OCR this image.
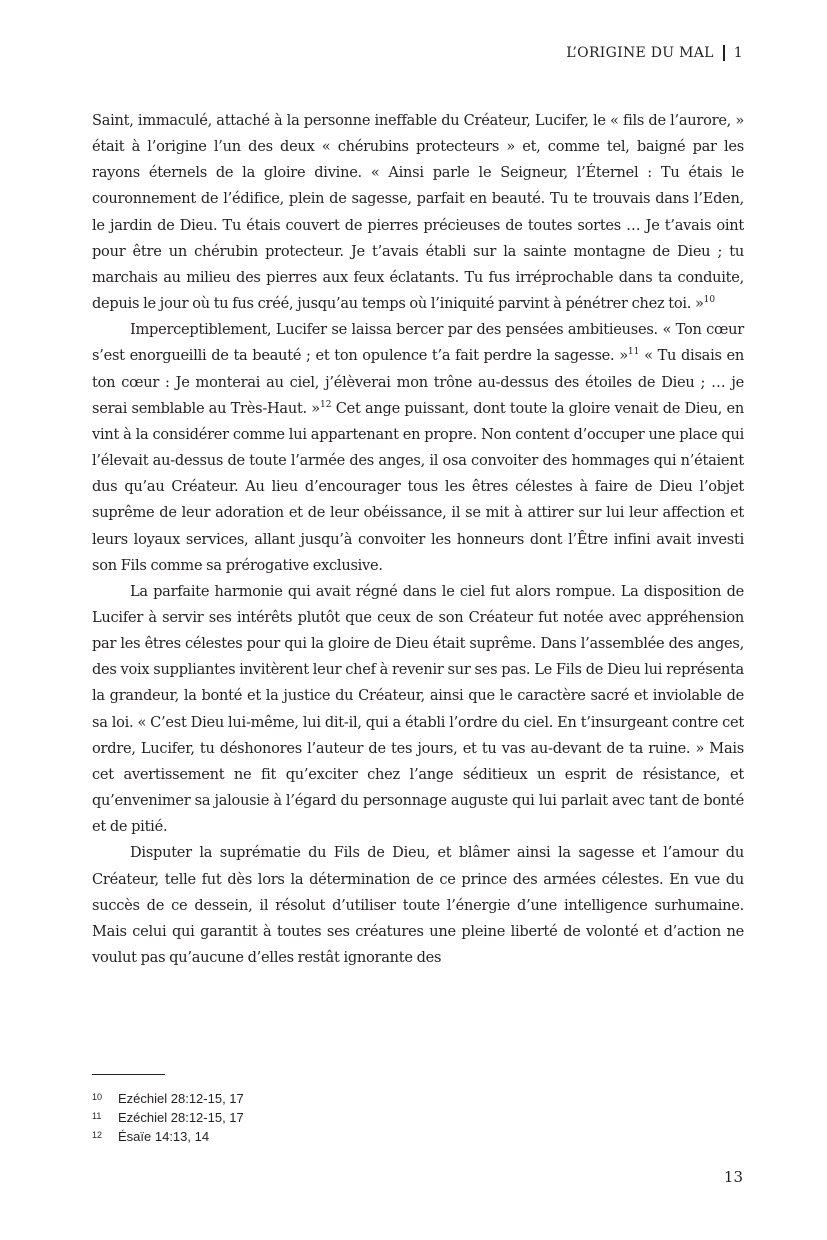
L’ORIGINE DU MAL 1

Saint, immaculé, attaché à la personne ineffable du Créateur, Lucifer, le « fils de l’aurore, » était à l’origine l’un des deux « chérubins protecteurs » et, comme tel, baigné par les rayons éternels de la gloire divine. « Ainsi parle le Seigneur, l’Éternel : Tu étais le couronnement de l’édifice, plein de sagesse, parfait en beauté. Tu te trouvais dans l’Eden, le jardin de Dieu. Tu étais couvert de pierres précieuses de toutes sortes … Je t’avais oint pour être un chérubin protecteur. Je t’avais établi sur la sainte montagne de Dieu ; tu marchais au milieu des pierres aux feux éclatants. Tu fus irréprochable dans ta conduite, depuis le jour où tu fus créé, jusqu’au temps où l’iniquité parvint à pénétrer chez toi. »$^{10}$

Imperceptiblement, Lucifer se laissa bercer par des pensées ambitieuses. « Ton cœur s’est enorgueilli de ta beauté ; et ton opulence t’a fait perdre la sagesse. »$^{11}$ « Tu disais en ton cœur : Je monterai au ciel, j’élèverai mon trône au-dessus des étoiles de Dieu ; … je serai semblable au Très-Haut. »$^{12}$ Cet ange puissant, dont toute la gloire venait de Dieu, en vint à la considérer comme lui appartenant en propre. Non content d’occuper une place qui l’élevait au-dessus de toute l’armée des anges, il osa convoiter des hommages qui n’étaient dus qu’au Créateur. Au lieu d’encourager tous les êtres célestes à faire de Dieu l’objet suprême de leur adoration et de leur obéissance, il se mit à attirer sur lui leur affection et leurs loyaux services, allant jusqu’à convoiter les honneurs dont l’Être infini avait investi son Fils comme sa prérogative exclusive.

La parfaite harmonie qui avait régné dans le ciel fut alors rompue. La disposition de Lucifer à servir ses intérêts plutôt que ceux de son Créateur fut notée avec appréhension par les êtres célestes pour qui la gloire de Dieu était suprême. Dans l’assemblée des anges, des voix suppliantes invitèrent leur chef à revenir sur ses pas. Le Fils de Dieu lui représenta la grandeur, la bonté et la justice du Créateur, ainsi que le caractère sacré et inviolable de sa loi. « C’est Dieu lui-même, lui dit-il, qui a établi l’ordre du ciel. En t’insurgeant contre cet ordre, Lucifer, tu déshonores l’auteur de tes jours, et tu vas au-devant de ta ruine. » Mais cet avertissement ne fit qu’exciter chez l’ange séditieux un esprit de résistance, et qu’envenimer sa jalousie à l’égard du personnage auguste qui lui parlait avec tant de bonté et de pitié.

Disputer la suprématie du Fils de Dieu, et blâmer ainsi la sagesse et l’amour du Créateur, telle fut dès lors la détermination de ce prince des armées célestes. En vue du succès de ce dessein, il résolut d’utiliser toute l’énergie d’une intelligence surhumaine. Mais celui qui garantit à toutes ses créatures une pleine liberté de volonté et d’action ne voulut pas qu’aucune d’elles restât ignorante des

10	Ezéchiel 28:12-15, 17
11	Ezéchiel 28:12-15, 17
12	Ésaïe 14:13, 14
13
